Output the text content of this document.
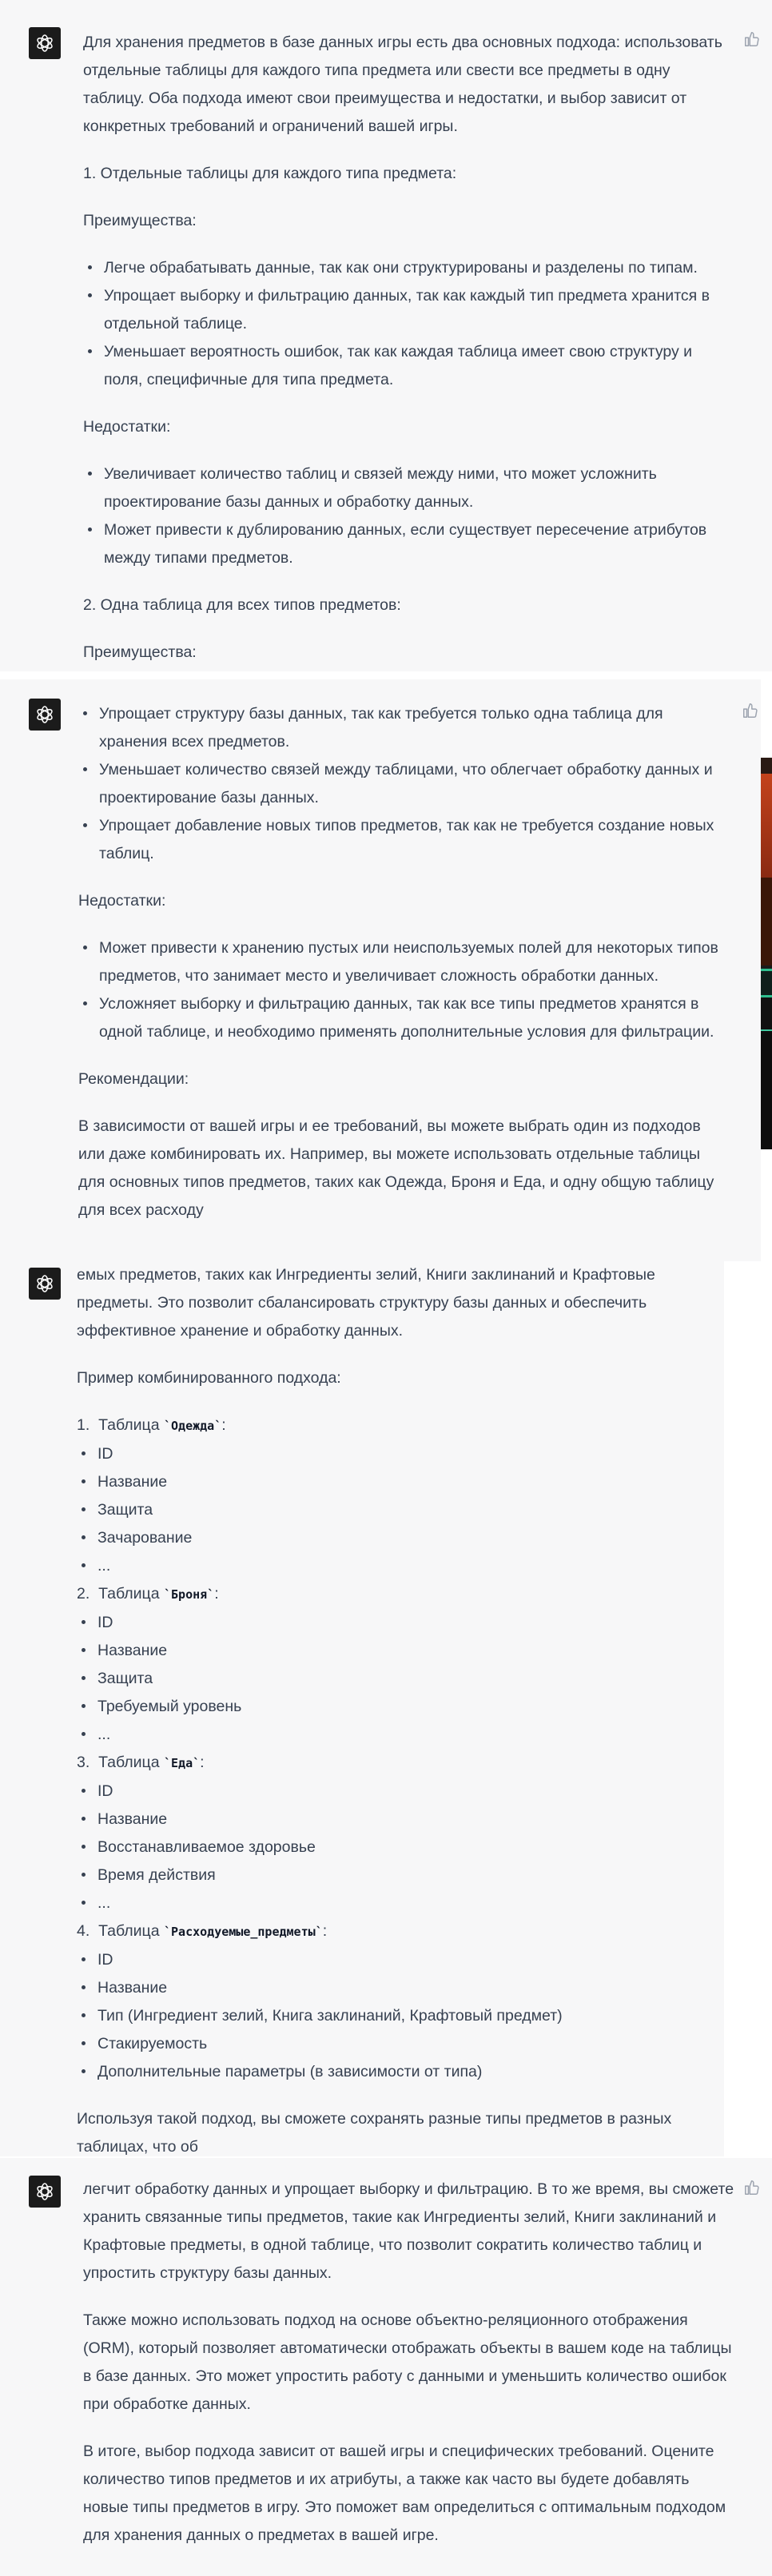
Для хранения предметов в базе данных игры есть два основных подхода: использовать отдельные таблицы для каждого типа предмета или свести все предметы в одну таблицу. Оба подхода имеют свои преимущества и недостатки, и выбор зависит от конкретных требований и ограничений вашей игры.

1. Отдельные таблицы для каждого типа предмета:

Преимущества:

Легче обрабатывать данные, так как они структурированы и разделены по типам.
Упрощает выборку и фильтрацию данных, так как каждый тип предмета хранится в отдельной таблице.
Уменьшает вероятность ошибок, так как каждая таблица имеет свою структуру и поля, специфичные для типа предмета.

Недостатки:

Увеличивает количество таблиц и связей между ними, что может усложнить проектирование базы данных и обработку данных.
Может привести к дублированию данных, если существует пересечение атрибутов между типами предметов.
2. Одна таблица для всех типов предметов:

Преимущества:

Упрощает структуру базы данных, так как требуется только одна таблица для хранения всех предметов.
Уменьшает количество связей между таблицами, что облегчает обработку данных и проектирование базы данных.
Упрощает добавление новых типов предметов, так как не требуется создание новых таблиц.

Недостатки:

Может привести к хранению пустых или неиспользуемых полей для некоторых типов предметов, что занимает место и увеличивает сложность обработки данных.
Усложняет выборку и фильтрацию данных, так как все типы предметов хранятся в одной таблице, и необходимо применять дополнительные условия для фильтрации.

Рекомендации:

В зависимости от вашей игры и ее требований, вы можете выбрать один из подходов или даже комбинировать их. Например, вы можете использовать отдельные таблицы для основных типов предметов, таких как Одежда, Броня и Еда, и одну общую таблицу для всех расходу

емых предметов, таких как Ингредиенты зелий, Книги заклинаний и Крафтовые предметы. Это позволит сбалансировать структуру базы данных и обеспечить эффективное хранение и обработку данных.

Пример комбинированного подхода:

1. Таблица `Одежда`:
ID
Название
Защита
Зачарование
...
2. Таблица `Броня`:
ID
Название
Защита
Требуемый уровень
...
3. Таблица `Еда`:
ID
Название
Восстанавливаемое здоровье
Время действия
...
4. Таблица `Расходуемые_предметы`:
ID
Название
Тип (Ингредиент зелий, Книга заклинаний, Крафтовый предмет)
Стакируемость
Дополнительные параметры (в зависимости от типа)

Используя такой подход, вы сможете сохранять разные типы предметов в разных таблицах, что об

легчит обработку данных и упрощает выборку и фильтрацию. В то же время, вы сможете хранить связанные типы предметов, такие как Ингредиенты зелий, Книги заклинаний и Крафтовые предметы, в одной таблице, что позволит сократить количество таблиц и упростить структуру базы данных.

Также можно использовать подход на основе объектно-реляционного отображения (ORM), который позволяет автоматически отображать объекты в вашем коде на таблицы в базе данных. Это может упростить работу с данными и уменьшить количество ошибок при обработке данных.

В итоге, выбор подхода зависит от вашей игры и специфических требований. Оцените количество типов предметов и их атрибуты, а также как часто вы будете добавлять новые типы предметов в игру. Это поможет вам определиться с оптимальным подходом для хранения данных о предметах в вашей игре.
